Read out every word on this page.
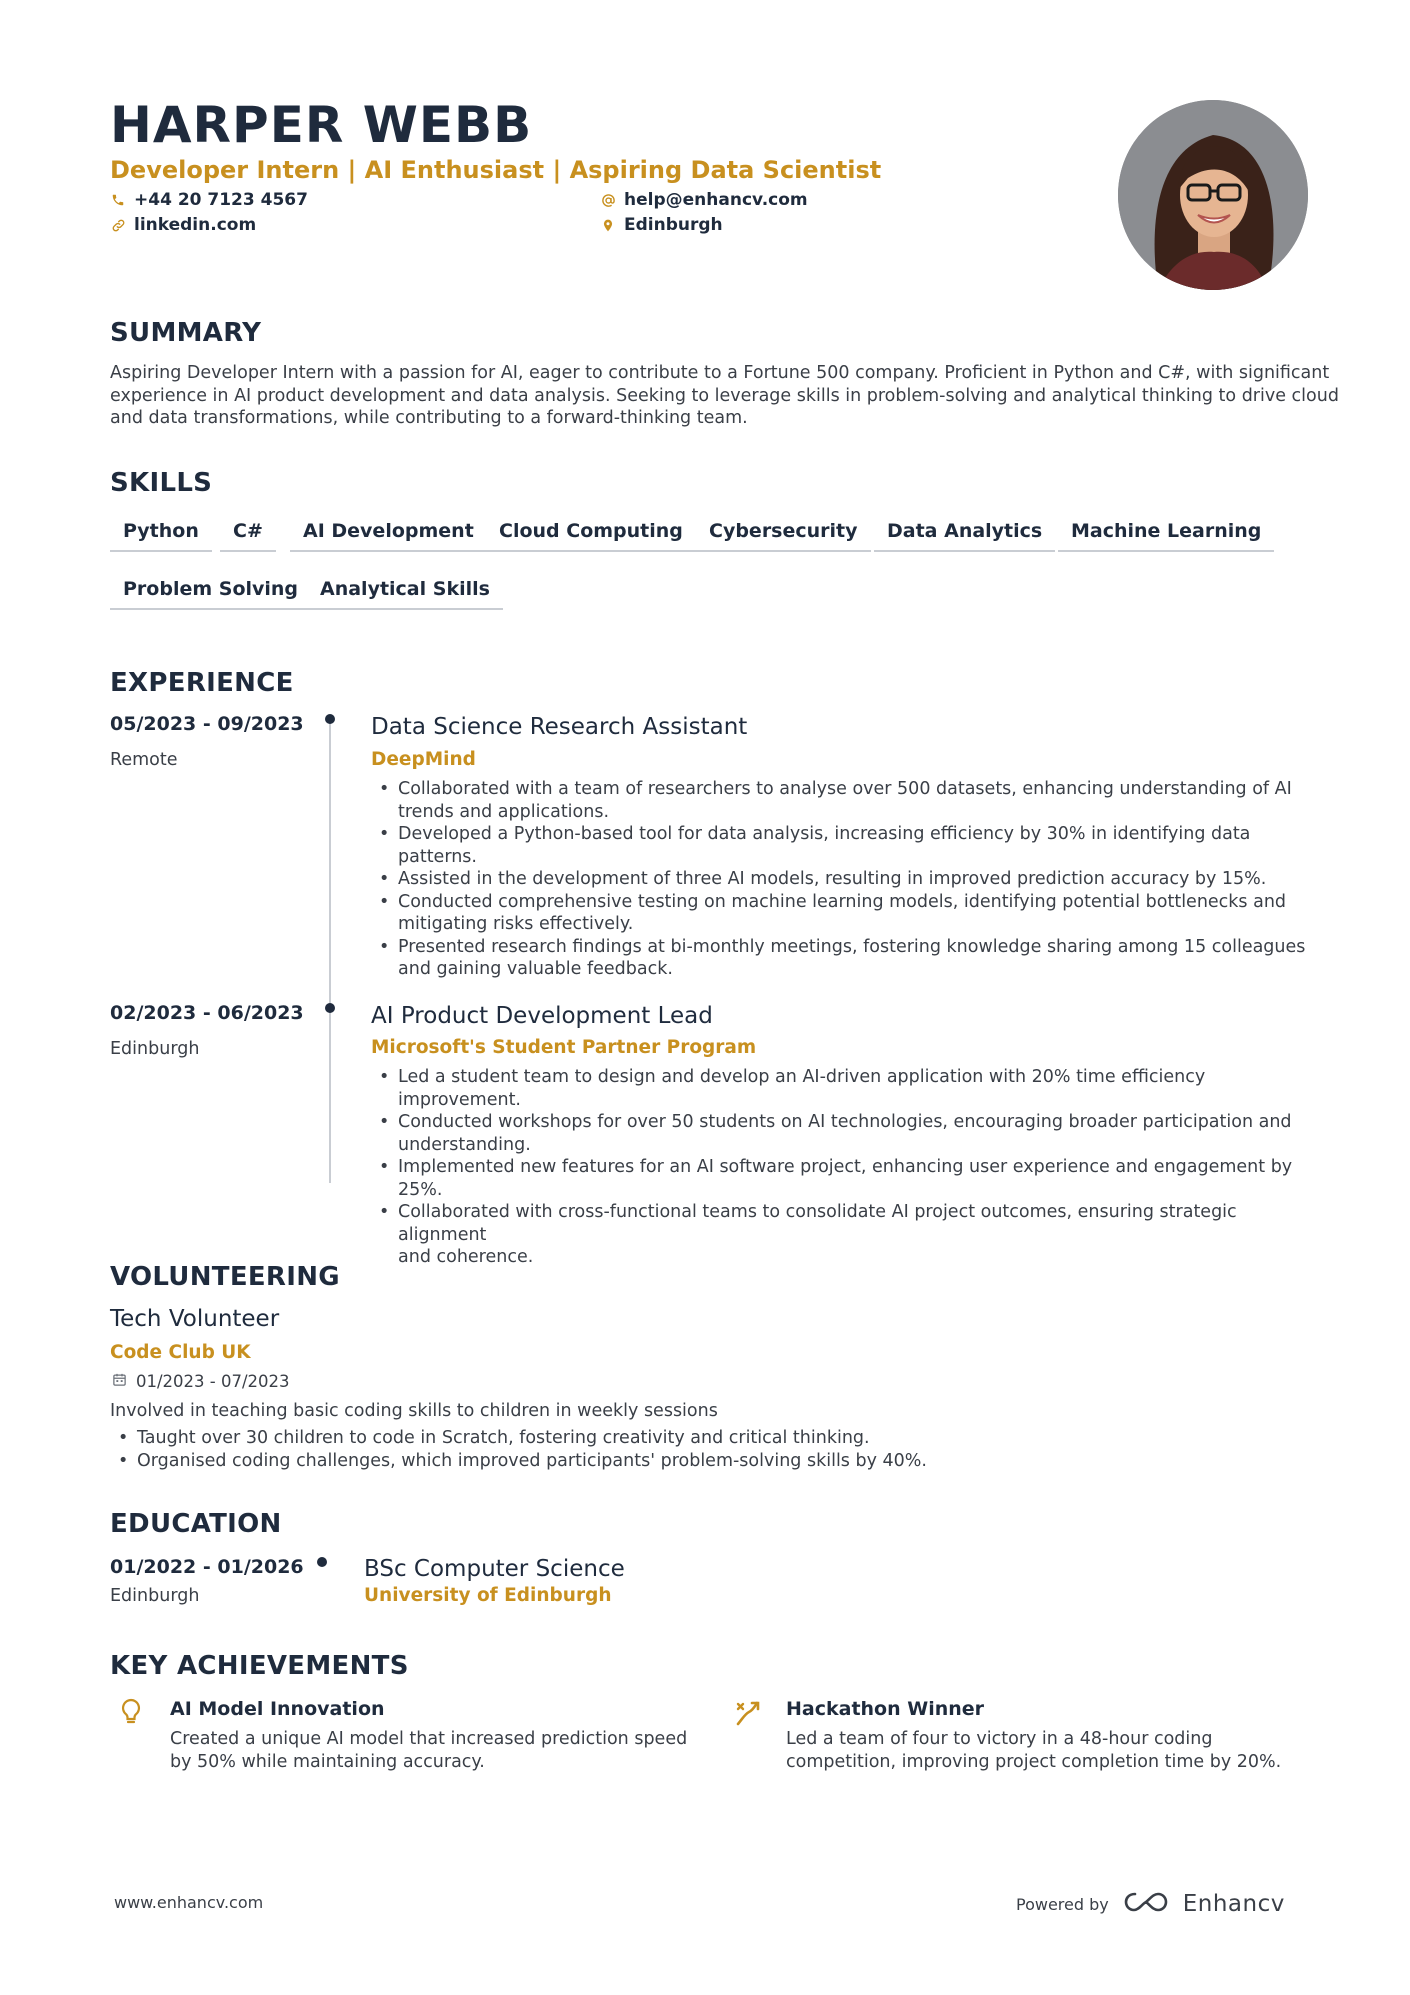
HARPER WEBB
Developer Intern | AI Enthusiast | Aspiring Data Scientist
+44 20 7123 4567	help@enhancv.com
linkedin.com	Edinburgh
SUMMARY
Aspiring Developer Intern with a passion for AI, eager to contribute to a Fortune 500 company. Proficient in Python and C#, with significant
experience in AI product development and data analysis. Seeking to leverage skills in problem-solving and analytical thinking to drive cloud
and data transformations, while contributing to a forward-thinking team.
SKILLS
Python	C#	AI Development	Cloud Computing	Cybersecurity	Data Analytics	Machine Learning
Problem Solving	Analytical Skills
EXPERIENCE
05/2023 - 09/2023
Remote
Data Science Research Assistant
DeepMind
• Collaborated with a team of researchers to analyse over 500 datasets, enhancing understanding of AI
trends and applications.
• Developed a Python-based tool for data analysis, increasing efficiency by 30% in identifying data
patterns.
• Assisted in the development of three AI models, resulting in improved prediction accuracy by 15%.
• Conducted comprehensive testing on machine learning models, identifying potential bottlenecks and
mitigating risks effectively.
• Presented research findings at bi-monthly meetings, fostering knowledge sharing among 15 colleagues
and gaining valuable feedback.
02/2023 - 06/2023
Edinburgh
AI Product Development Lead
Microsoft's Student Partner Program
• Led a student team to design and develop an AI-driven application with 20% time efficiency improvement.
• Conducted workshops for over 50 students on AI technologies, encouraging broader participation and
understanding.
• Implemented new features for an AI software project, enhancing user experience and engagement by
25%.
• Collaborated with cross-functional teams to consolidate AI project outcomes, ensuring strategic alignment
and coherence.
VOLUNTEERING
Tech Volunteer
Code Club UK
01/2023 - 07/2023
Involved in teaching basic coding skills to children in weekly sessions
• Taught over 30 children to code in Scratch, fostering creativity and critical thinking.
• Organised coding challenges, which improved participants' problem-solving skills by 40%.
EDUCATION
01/2022 - 01/2026
Edinburgh
BSc Computer Science
University of Edinburgh
KEY ACHIEVEMENTS
AI Model Innovation
Created a unique AI model that increased prediction speed
by 50% while maintaining accuracy.
Hackathon Winner
Led a team of four to victory in a 48-hour coding
competition, improving project completion time by 20%.
www.enhancv.com	Powered by	Enhancv
